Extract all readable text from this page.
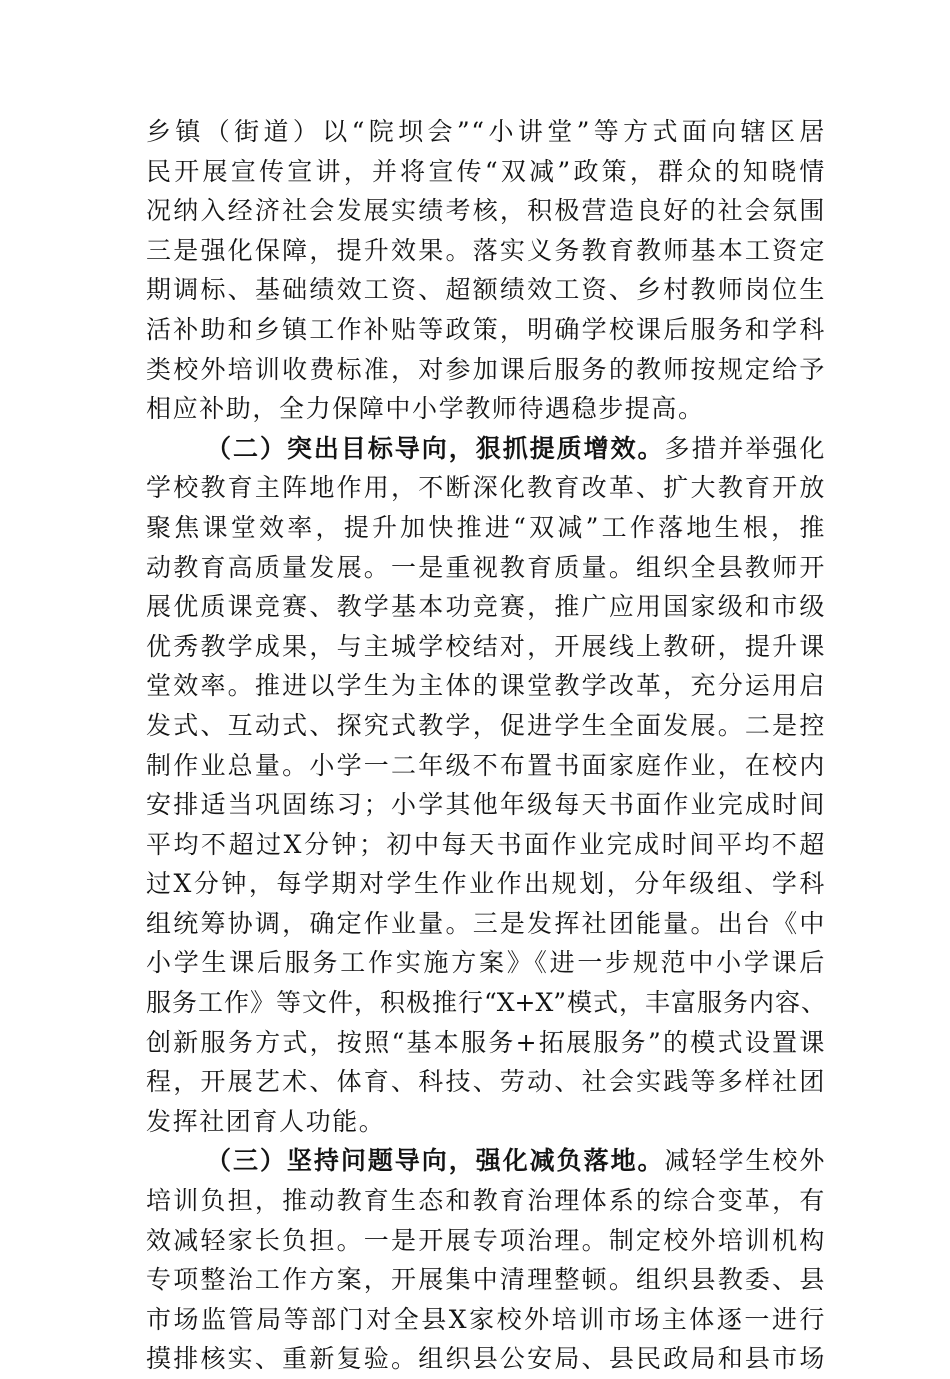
乡镇（街道）以“院坝会”“小讲堂”等方式面向辖区居
民开展宣传宣讲，并将宣传“双减”政策，群众的知晓情
况纳入经济社会发展实绩考核，积极营造良好的社会氛围
三是强化保障，提升效果。落实义务教育教师基本工资定
期调标、基础绩效工资、超额绩效工资、乡村教师岗位生
活补助和乡镇工作补贴等政策，明确学校课后服务和学科
类校外培训收费标准，对参加课后服务的教师按规定给予
相应补助，全力保障中小学教师待遇稳步提高。
（二）突出目标导向，狠抓提质增效。多措并举强化
学校教育主阵地作用，不断深化教育改革、扩大教育开放
聚焦课堂效率，提升加快推进“双减”工作落地生根，推
动教育高质量发展。一是重视教育质量。组织全县教师开
展优质课竞赛、教学基本功竞赛，推广应用国家级和市级
优秀教学成果，与主城学校结对，开展线上教研，提升课
堂效率。推进以学生为主体的课堂教学改革，充分运用启
发式、互动式、探究式教学，促进学生全面发展。二是控
制作业总量。小学一二年级不布置书面家庭作业，在校内
安排适当巩固练习；小学其他年级每天书面作业完成时间
平均不超过X分钟；初中每天书面作业完成时间平均不超
过X分钟，每学期对学生作业作出规划，分年级组、学科
组统筹协调，确定作业量。三是发挥社团能量。出台《中
小学生课后服务工作实施方案》《进一步规范中小学课后
服务工作》等文件，积极推行“X+X”模式，丰富服务内容、
创新服务方式，按照“基本服务+拓展服务”的模式设置课
程，开展艺术、体育、科技、劳动、社会实践等多样社团
发挥社团育人功能。
（三）坚持问题导向，强化减负落地。减轻学生校外
培训负担，推动教育生态和教育治理体系的综合变革，有
效减轻家长负担。一是开展专项治理。制定校外培训机构
专项整治工作方案，开展集中清理整顿。组织县教委、县
市场监管局等部门对全县X家校外培训市场主体逐一进行
摸排核实、重新复验。组织县公安局、县民政局和县市场
